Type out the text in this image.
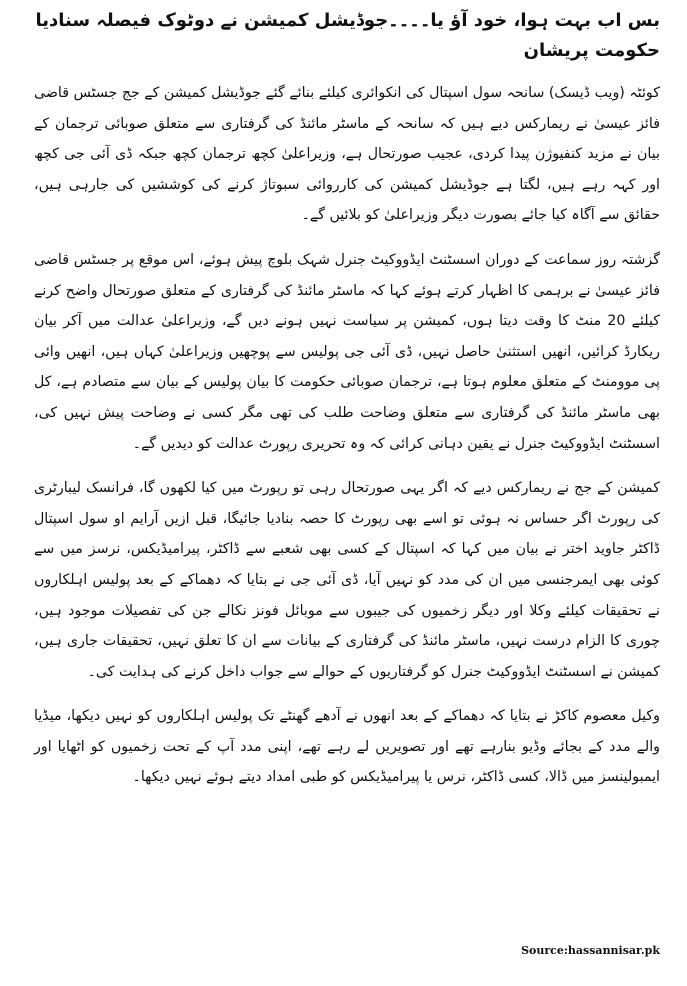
بس اب بہت ہوا، خود آؤ یا۔۔۔۔جوڈیشل کمیشن نے دوٹوک فیصلہ سنادیا حکومت پریشان

کوئٹہ (ویب ڈیسک) سانحہ سول اسپتال کی انکوائری کیلئے بنائے گئے جوڈیشل کمیشن کے جج جسٹس قاضی فائز عیسیٰ نے ریمارکس دیے ہیں کہ سانحہ کے ماسٹر مائنڈ کی گرفتاری سے متعلق صوبائی ترجمان کے بیان نے مزید کنفیوژن پیدا کردی، عجیب صورتحال ہے، وزیراعلیٰ کچھ ترجمان کچھ جبکہ ڈی آئی جی کچھ اور کہہ رہے ہیں، لگتا ہے جوڈیشل کمیشن کی کارروائی سبوتاژ کرنے کی کوششیں کی جارہی ہیں، حقائق سے آگاہ کیا جائے بصورت دیگر وزیراعلیٰ کو بلائیں گے۔

گزشتہ روز سماعت کے دوران اسسٹنٹ ایڈووکیٹ جنرل شہک بلوچ پیش ہوئے، اس موقع پر جسٹس قاضی فائز عیسیٰ نے برہمی کا اظہار کرتے ہوئے کہا کہ ماسٹر مائنڈ کی گرفتاری کے متعلق صورتحال واضح کرنے کیلئے 20 منٹ کا وقت دیتا ہوں، کمیشن پر سیاست نہیں ہونے دیں گے، وزیراعلیٰ عدالت میں آکر بیان ریکارڈ کرائیں، انھیں استثنیٰ حاصل نہیں، ڈی آئی جی پولیس سے پوچھیں وزیراعلیٰ کہاں ہیں، انھیں وائی پی موومنٹ کے متعلق معلوم ہوتا ہے، ترجمان صوبائی حکومت کا بیان پولیس کے بیان سے متصادم ہے، کل بھی ماسٹر مائنڈ کی گرفتاری سے متعلق وضاحت طلب کی تھی مگر کسی نے وضاحت پیش نہیں کی، اسسٹنٹ ایڈووکیٹ جنرل نے یقین دہانی کرائی کہ وہ تحریری رپورٹ عدالت کو دیدیں گے۔

کمیشن کے جج نے ریمارکس دیے کہ اگر یہی صورتحال رہی تو رپورٹ میں کیا لکھوں گا، فرانسک لیبارٹری کی رپورٹ اگر حساس نہ ہوئی تو اسے بھی رپورٹ کا حصہ بنادیا جائیگا، قبل ازیں آرایم او سول اسپتال ڈاکٹر جاوید اختر نے بیان میں کہا کہ اسپتال کے کسی بھی شعبے سے ڈاکٹر، پیرامیڈیکس، نرسز میں سے کوئی بھی ایمرجنسی میں ان کی مدد کو نہیں آیا، ڈی آئی جی نے بتایا کہ دھماکے کے بعد پولیس اہلکاروں نے تحقیقات کیلئے وکلا اور دیگر زخمیوں کی جیبوں سے موبائل فونز نکالے جن کی تفصیلات موجود ہیں، چوری کا الزام درست نہیں، ماسٹر مائنڈ کی گرفتاری کے بیانات سے ان کا تعلق نہیں، تحقیقات جاری ہیں، کمیشن نے اسسٹنٹ ایڈووکیٹ جنرل کو گرفتاریوں کے حوالے سے جواب داخل کرنے کی ہدایت کی۔

وکیل معصوم کاکڑ نے بتایا کہ دھماکے کے بعد انھوں نے آدھے گھنٹے تک پولیس اہلکاروں کو نہیں دیکھا، میڈیا والے مدد کے بجائے وڈیو بنارہے تھے اور تصویریں لے رہے تھے، اپنی مدد آپ کے تحت زخمیوں کو اٹھایا اور ایمبولینسز میں ڈالا، کسی ڈاکٹر، نرس یا پیرامیڈیکس کو طبی امداد دیتے ہوئے نہیں دیکھا۔

Source:hassannisar.pk
